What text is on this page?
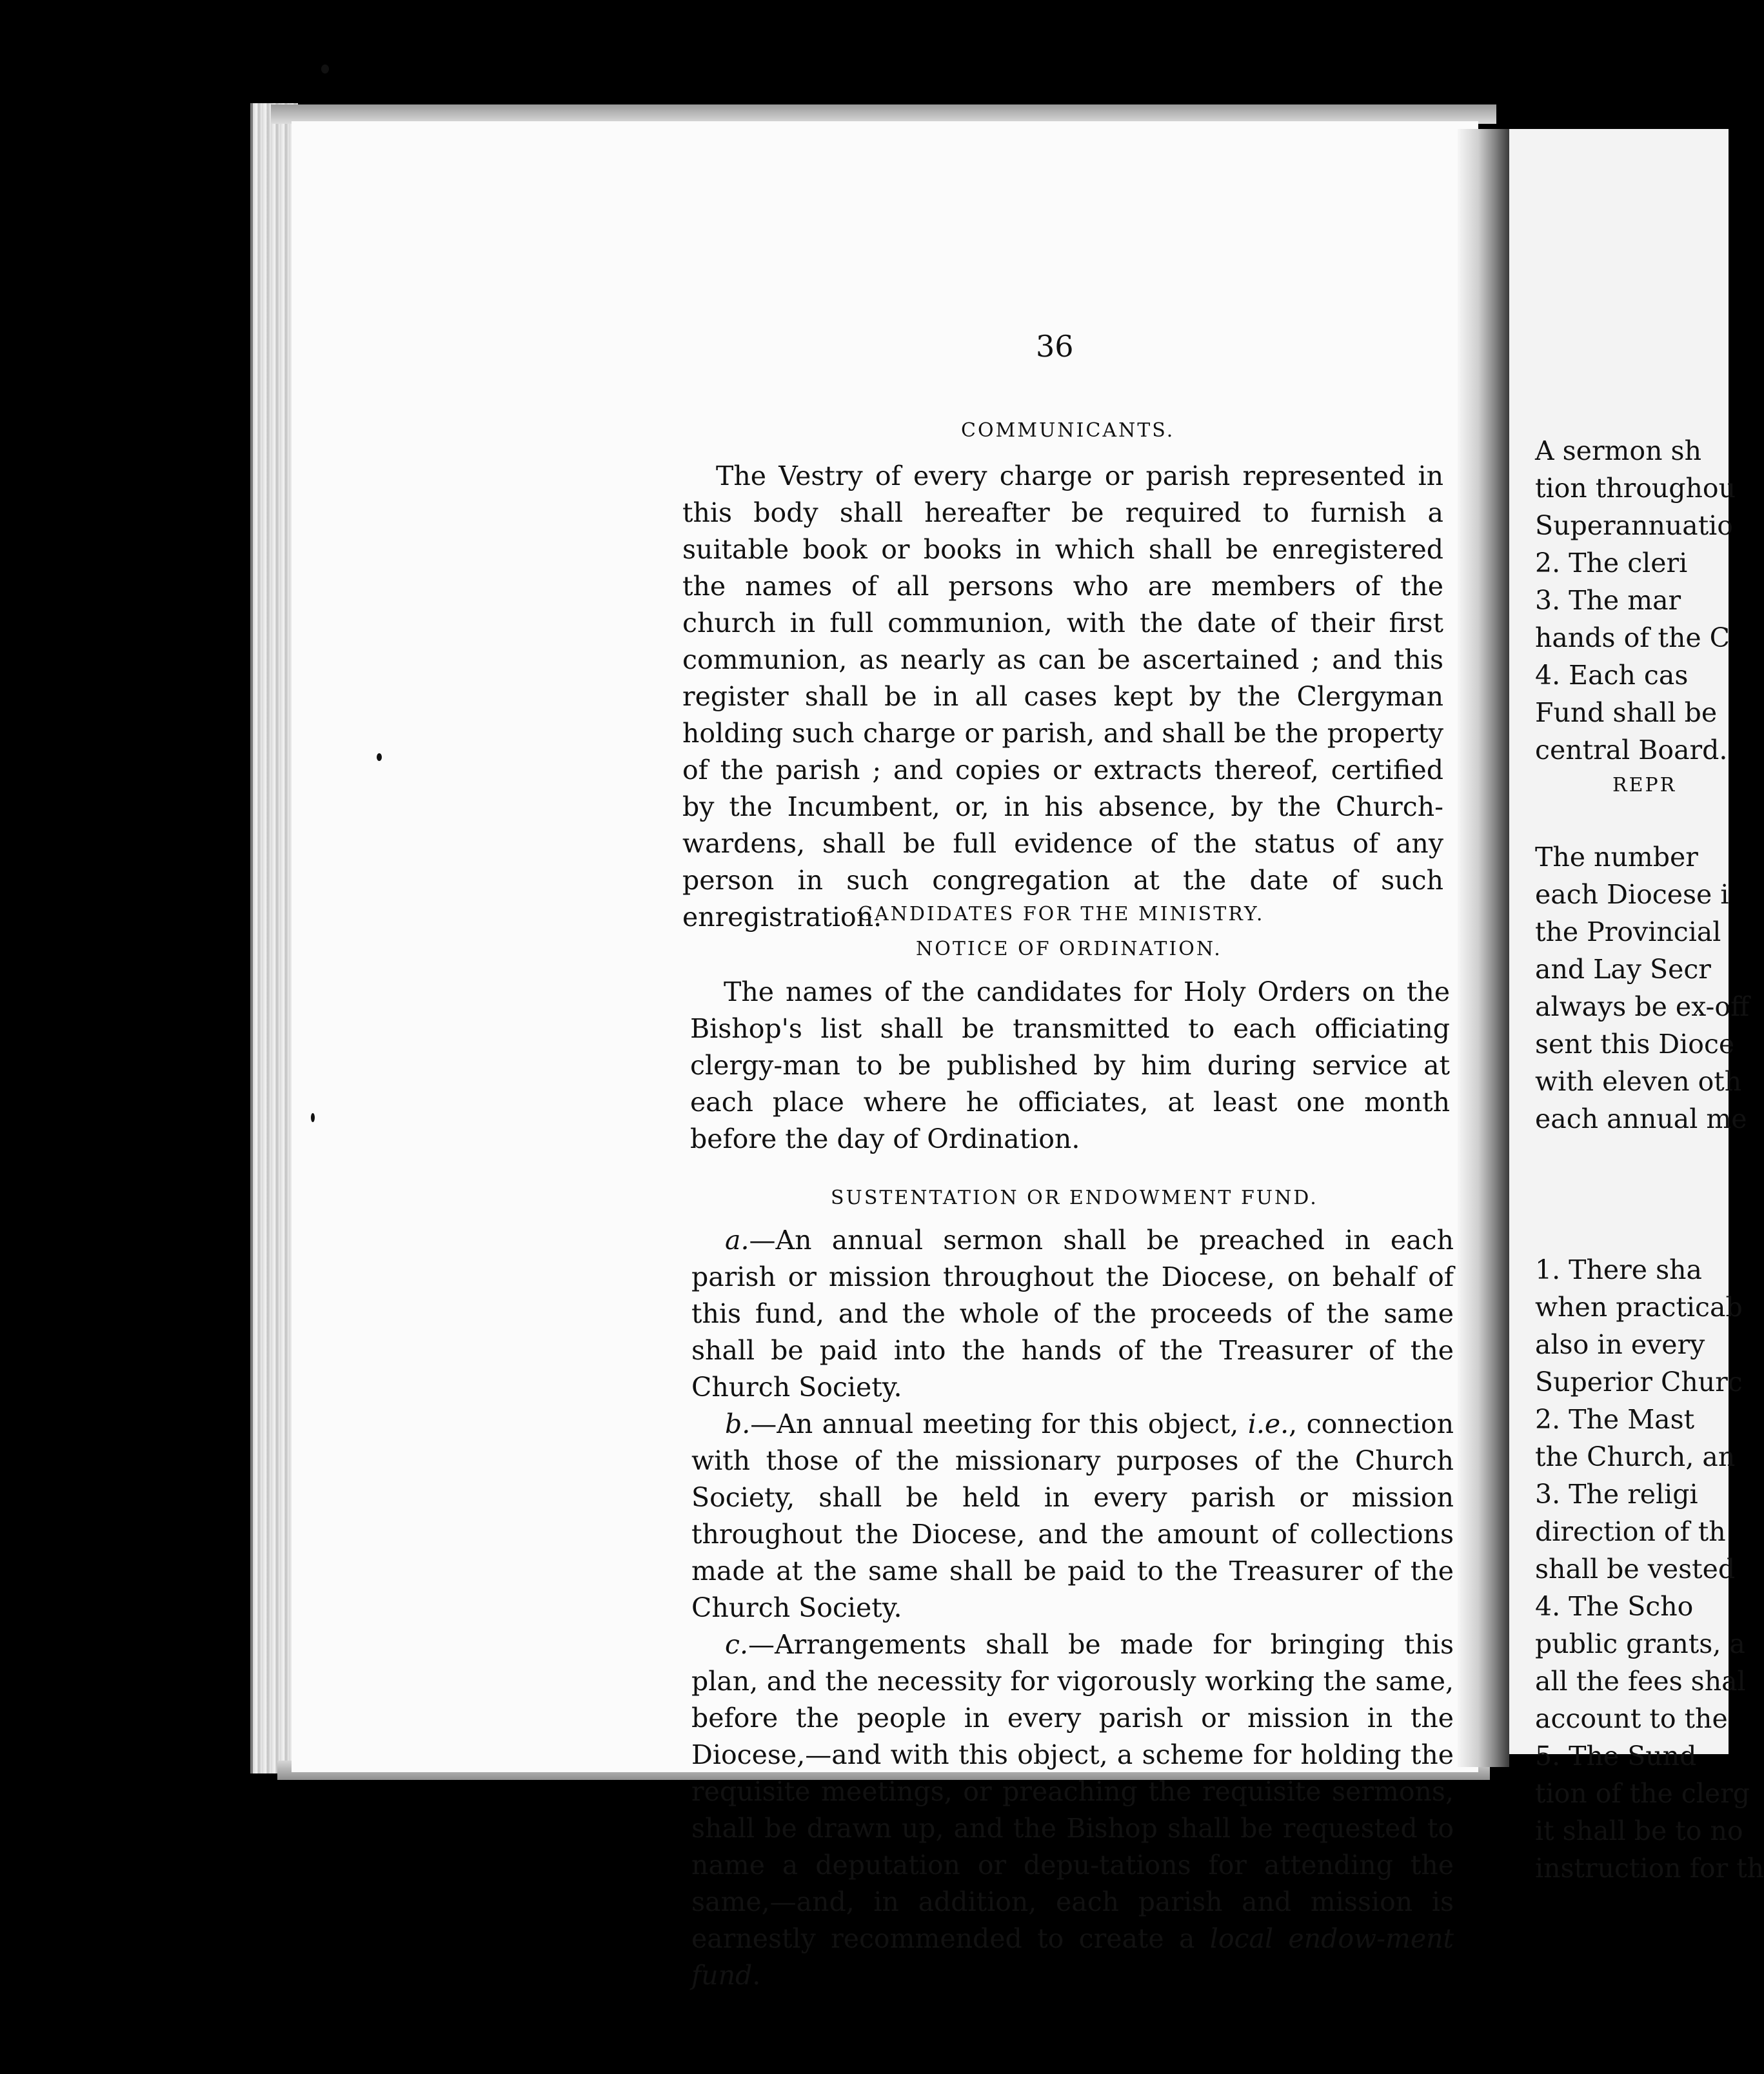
A sermon sh
tion throughou
Superannuatio
2. The cleri
3. The mar
hands of the C
4. Each cas
Fund shall be
central Board.
REPR
The number
each Diocese i
the Provincial
and Lay Secr
always be ex-off
sent this Dioce
with eleven oth
each annual me
1. There sha
when practicab
also in every
Superior Churc
2. The Mast
the Church, an
3. The religi
direction of th
shall be vested
4. The Scho
public grants, a
all the fees shal
account to the
5. The Sund
tion of the clerg
it shall be to no
instruction for th
36
COMMUNICANTS.

The Vestry of every charge or parish represented in this body shall hereafter be required to furnish a suitable book or books in which shall be enregistered the names of all persons who are members of the church in full communion, with the date of their first communion, as nearly as can be ascertained ; and this register shall be in all cases kept by the Clergyman holding such charge or parish, and shall be the property of the parish ; and copies or extracts thereof, certified by the Incumbent, or, in his absence, by the Church-wardens, shall be full evidence of the status of any person in such congregation at the date of such enregistration.

CANDIDATES FOR THE MINISTRY.
NOTICE OF ORDINATION.

The names of the candidates for Holy Orders on the Bishop's list shall be transmitted to each officiating clergy-man to be published by him during service at each place where he officiates, at least one month before the day of Ordination.

SUSTENTATION OR ENDOWMENT FUND.

a.—An annual sermon shall be preached in each parish or mission throughout the Diocese, on behalf of this fund, and the whole of the proceeds of the same shall be paid into the hands of the Treasurer of the Church Society.

b.—An annual meeting for this object, i.e., connection with those of the missionary purposes of the Church Society, shall be held in every parish or mission throughout the Diocese, and the amount of collections made at the same shall be paid to the Treasurer of the Church Society.

c.—Arrangements shall be made for bringing this plan, and the necessity for vigorously working the same, before the people in every parish or mission in the Diocese,—and with this object, a scheme for holding the requisite meetings, or preaching the requisite sermons, shall be drawn up, and the Bishop shall be requested to name a deputation or depu-tations for attending the same,—and, in addition, each parish and mission is earnestly recommended to create a local endow-ment fund.
